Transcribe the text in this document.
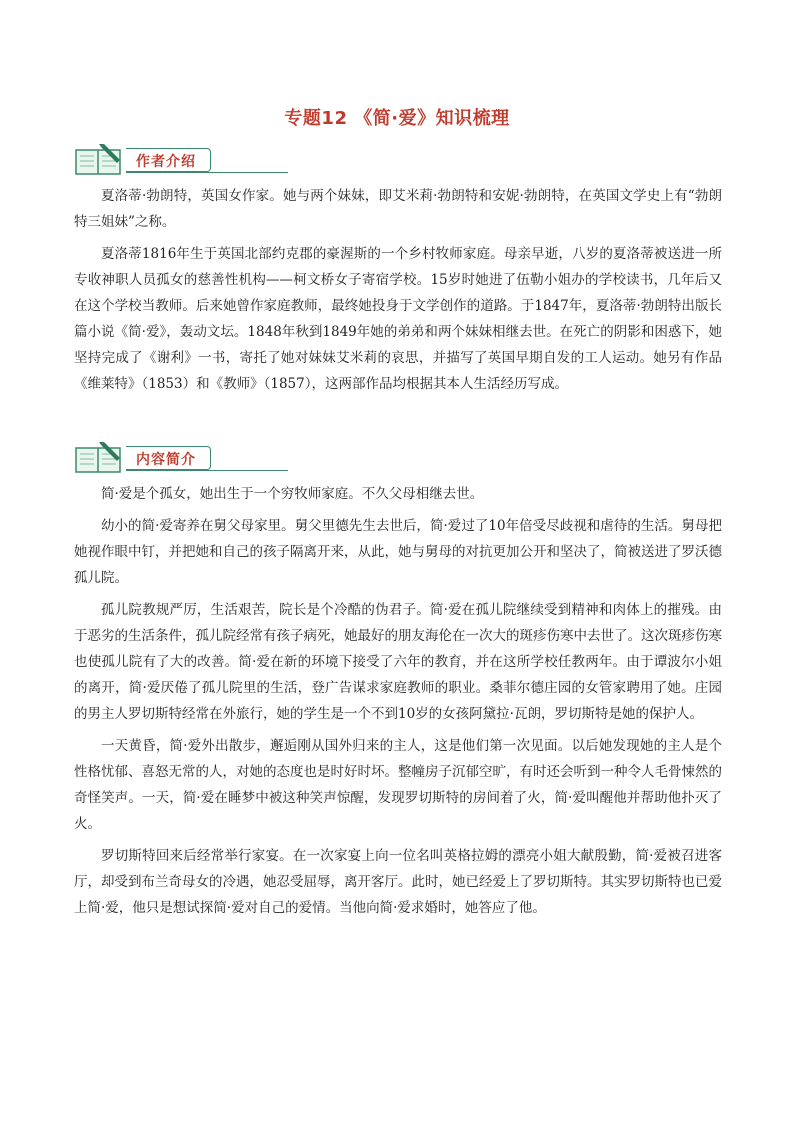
专题12 《简·爱》知识梳理
作者介绍

夏洛蒂·勃朗特，英国女作家。她与两个妹妹，即艾米莉·勃朗特和安妮·勃朗特，在英国文学史上有“勃朗特三姐妹”之称。

夏洛蒂1816年生于英国北部约克郡的豪渥斯的一个乡村牧师家庭。母亲早逝，八岁的夏洛蒂被送进一所专收神职人员孤女的慈善性机构——柯文桥女子寄宿学校。15岁时她进了伍勒小姐办的学校读书，几年后又在这个学校当教师。后来她曾作家庭教师，最终她投身于文学创作的道路。于1847年，夏洛蒂·勃朗特出版长篇小说《简·爱》，轰动文坛。1848年秋到1849年她的弟弟和两个妹妹相继去世。在死亡的阴影和困惑下，她坚持完成了《谢利》一书，寄托了她对妹妹艾米莉的哀思，并描写了英国早期自发的工人运动。她另有作品《维莱特》（1853）和《教师》（1857），这两部作品均根据其本人生活经历写成。

内容简介

简·爱是个孤女，她出生于一个穷牧师家庭。不久父母相继去世。

幼小的简·爱寄养在舅父母家里。舅父里德先生去世后，简·爱过了10年倍受尽歧视和虐待的生活。舅母把她视作眼中钉，并把她和自己的孩子隔离开来，从此，她与舅母的对抗更加公开和坚决了，简被送进了罗沃德孤儿院。

孤儿院教规严厉，生活艰苦，院长是个冷酷的伪君子。简·爱在孤儿院继续受到精神和肉体上的摧残。由于恶劣的生活条件，孤儿院经常有孩子病死，她最好的朋友海伦在一次大的斑疹伤寒中去世了。这次斑疹伤寒也使孤儿院有了大的改善。简·爱在新的环境下接受了六年的教育，并在这所学校任教两年。由于谭波尔小姐的离开，简·爱厌倦了孤儿院里的生活，登广告谋求家庭教师的职业。桑菲尔德庄园的女管家聘用了她。庄园的男主人罗切斯特经常在外旅行，她的学生是一个不到10岁的女孩阿黛拉·瓦朗，罗切斯特是她的保护人。

一天黄昏，简·爱外出散步，邂逅刚从国外归来的主人，这是他们第一次见面。以后她发现她的主人是个性格忧郁、喜怒无常的人，对她的态度也是时好时坏。整幢房子沉郁空旷，有时还会听到一种令人毛骨悚然的奇怪笑声。一天，简·爱在睡梦中被这种笑声惊醒，发现罗切斯特的房间着了火，简·爱叫醒他并帮助他扑灭了火。

罗切斯特回来后经常举行家宴。在一次家宴上向一位名叫英格拉姆的漂亮小姐大献殷勤，简·爱被召进客厅，却受到布兰奇母女的冷遇，她忍受屈辱，离开客厅。此时，她已经爱上了罗切斯特。其实罗切斯特也已爱上简·爱，他只是想试探简·爱对自己的爱情。当他向简·爱求婚时，她答应了他。
